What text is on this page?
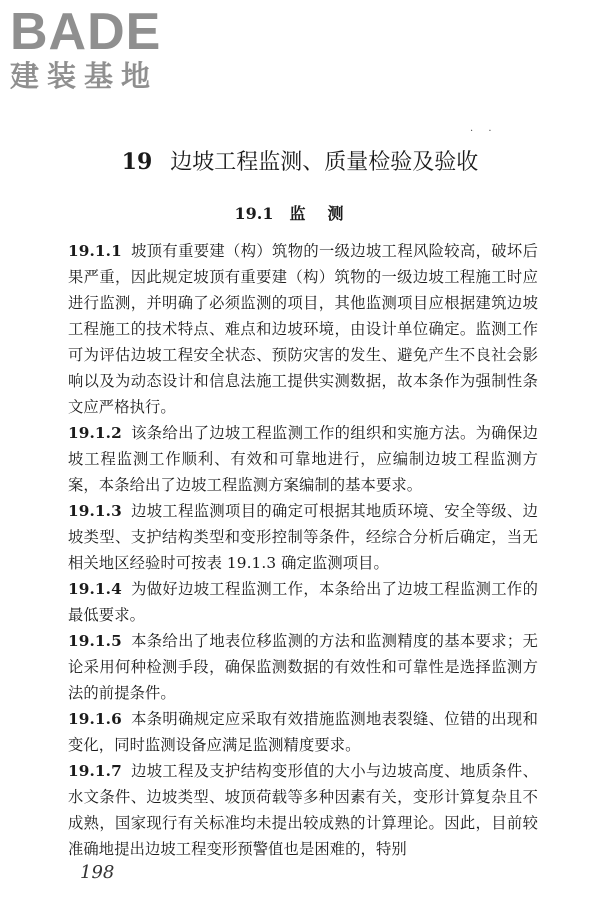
BADE
建装基地
· ·
19 边坡工程监测、质量检验及验收
19.1 监测

19.1.1 坡顶有重要建（构）筑物的一级边坡工程风险较高，破坏后果严重，因此规定坡顶有重要建（构）筑物的一级边坡工程施工时应进行监测，并明确了必须监测的项目，其他监测项目应根据建筑边坡工程施工的技术特点、难点和边坡环境，由设计单位确定。监测工作可为评估边坡工程安全状态、预防灾害的发生、避免产生不良社会影响以及为动态设计和信息法施工提供实测数据，故本条作为强制性条文应严格执行。

19.1.2 该条给出了边坡工程监测工作的组织和实施方法。为确保边坡工程监测工作顺利、有效和可靠地进行，应编制边坡工程监测方案，本条给出了边坡工程监测方案编制的基本要求。

19.1.3 边坡工程监测项目的确定可根据其地质环境、安全等级、边坡类型、支护结构类型和变形控制等条件，经综合分析后确定，当无相关地区经验时可按表 19.1.3 确定监测项目。

19.1.4 为做好边坡工程监测工作，本条给出了边坡工程监测工作的最低要求。

19.1.5 本条给出了地表位移监测的方法和监测精度的基本要求；无论采用何种检测手段，确保监测数据的有效性和可靠性是选择监测方法的前提条件。

19.1.6 本条明确规定应采取有效措施监测地表裂缝、位错的出现和变化，同时监测设备应满足监测精度要求。

19.1.7 边坡工程及支护结构变形值的大小与边坡高度、地质条件、水文条件、边坡类型、坡顶荷载等多种因素有关，变形计算复杂且不成熟，国家现行有关标准均未提出较成熟的计算理论。因此，目前较准确地提出边坡工程变形预警值也是困难的，特别

198
